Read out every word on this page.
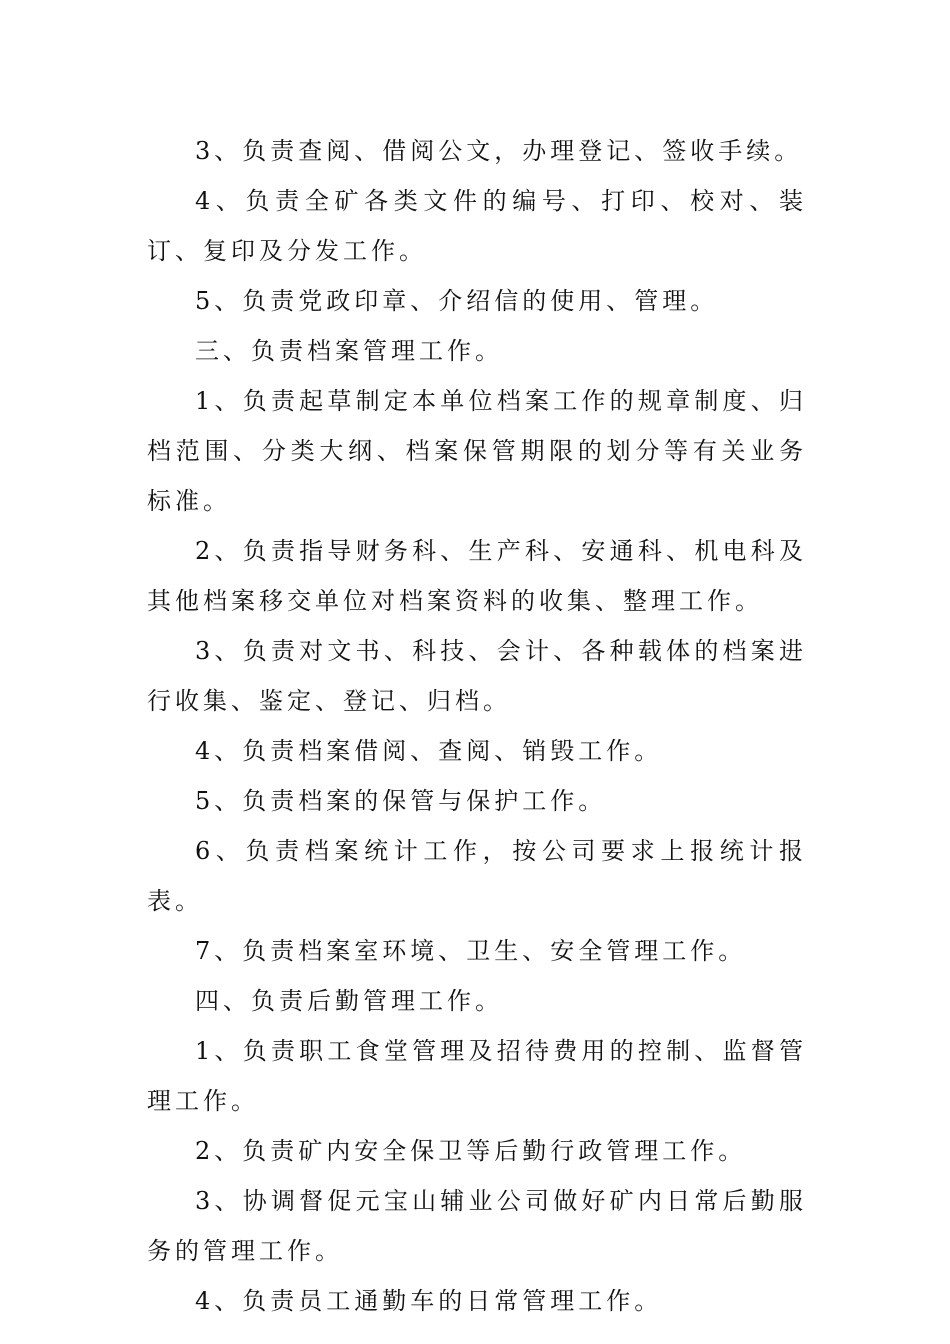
3、负责查阅、借阅公文，办理登记、签收手续。

4、负责全矿各类文件的编号、打印、校对、装订、复印及分发工作。

5、负责党政印章、介绍信的使用、管理。

三、负责档案管理工作。

1、负责起草制定本单位档案工作的规章制度、归档范围、分类大纲、档案保管期限的划分等有关业务标准。

2、负责指导财务科、生产科、安通科、机电科及其他档案移交单位对档案资料的收集、整理工作。

3、负责对文书、科技、会计、各种载体的档案进行收集、鉴定、登记、归档。

4、负责档案借阅、查阅、销毁工作。

5、负责档案的保管与保护工作。

6、负责档案统计工作，按公司要求上报统计报表。

7、负责档案室环境、卫生、安全管理工作。

四、负责后勤管理工作。

1、负责职工食堂管理及招待费用的控制、监督管理工作。

2、负责矿内安全保卫等后勤行政管理工作。

3、协调督促元宝山辅业公司做好矿内日常后勤服务的管理工作。

4、负责员工通勤车的日常管理工作。
